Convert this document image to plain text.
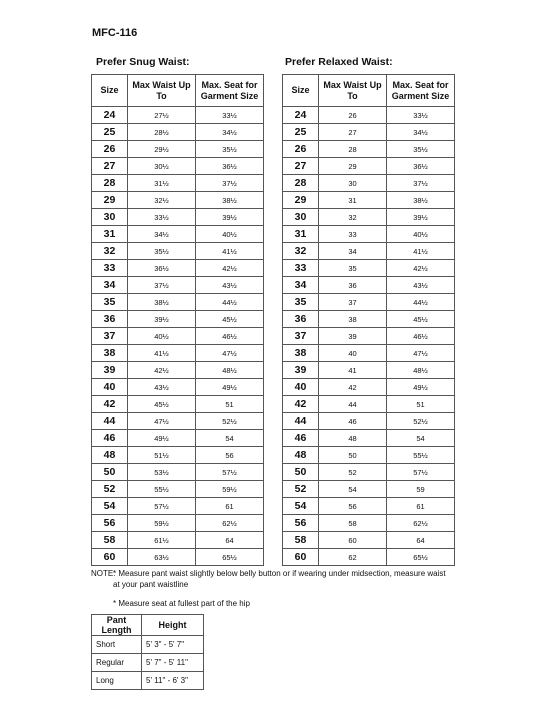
MFC-116
Prefer Snug Waist:	Prefer Relaxed Waist:
Size	Max Waist Up To	Max. Seat for Garment Size
24	27½	33½
25	28½	34½
26	29½	35½
27	30½	36½
28	31½	37½
29	32½	38½
30	33½	39½
31	34½	40½
32	35½	41½
33	36½	42½
34	37½	43½
35	38½	44½
36	39½	45½
37	40½	46½
38	41½	47½
39	42½	48½
40	43½	49½
42	45½	51
44	47½	52½
46	49½	54
48	51½	56
50	53½	57½
52	55½	59½
54	57½	61
56	59½	62½
58	61½	64
60	63½	65½
Size	Max Waist Up To	Max. Seat for Garment Size
24	26	33½
25	27	34½
26	28	35½
27	29	36½
28	30	37½
29	31	38½
30	32	39½
31	33	40½
32	34	41½
33	35	42½
34	36	43½
35	37	44½
36	38	45½
37	39	46½
38	40	47½
39	41	48½
40	42	49½
42	44	51
44	46	52½
46	48	54
48	50	55½
50	52	57½
52	54	59
54	56	61
56	58	62½
58	60	64
60	62	65½
NOTE:
* Measure pant waist slightly below belly button or if wearing under midsection, measure waist at your pant waistline
* Measure seat at fullest part of the hip
Pant Length	Height
Short	5' 3" - 5' 7"
Regular	5' 7" - 5' 11"
Long	5' 11" - 6' 3"
